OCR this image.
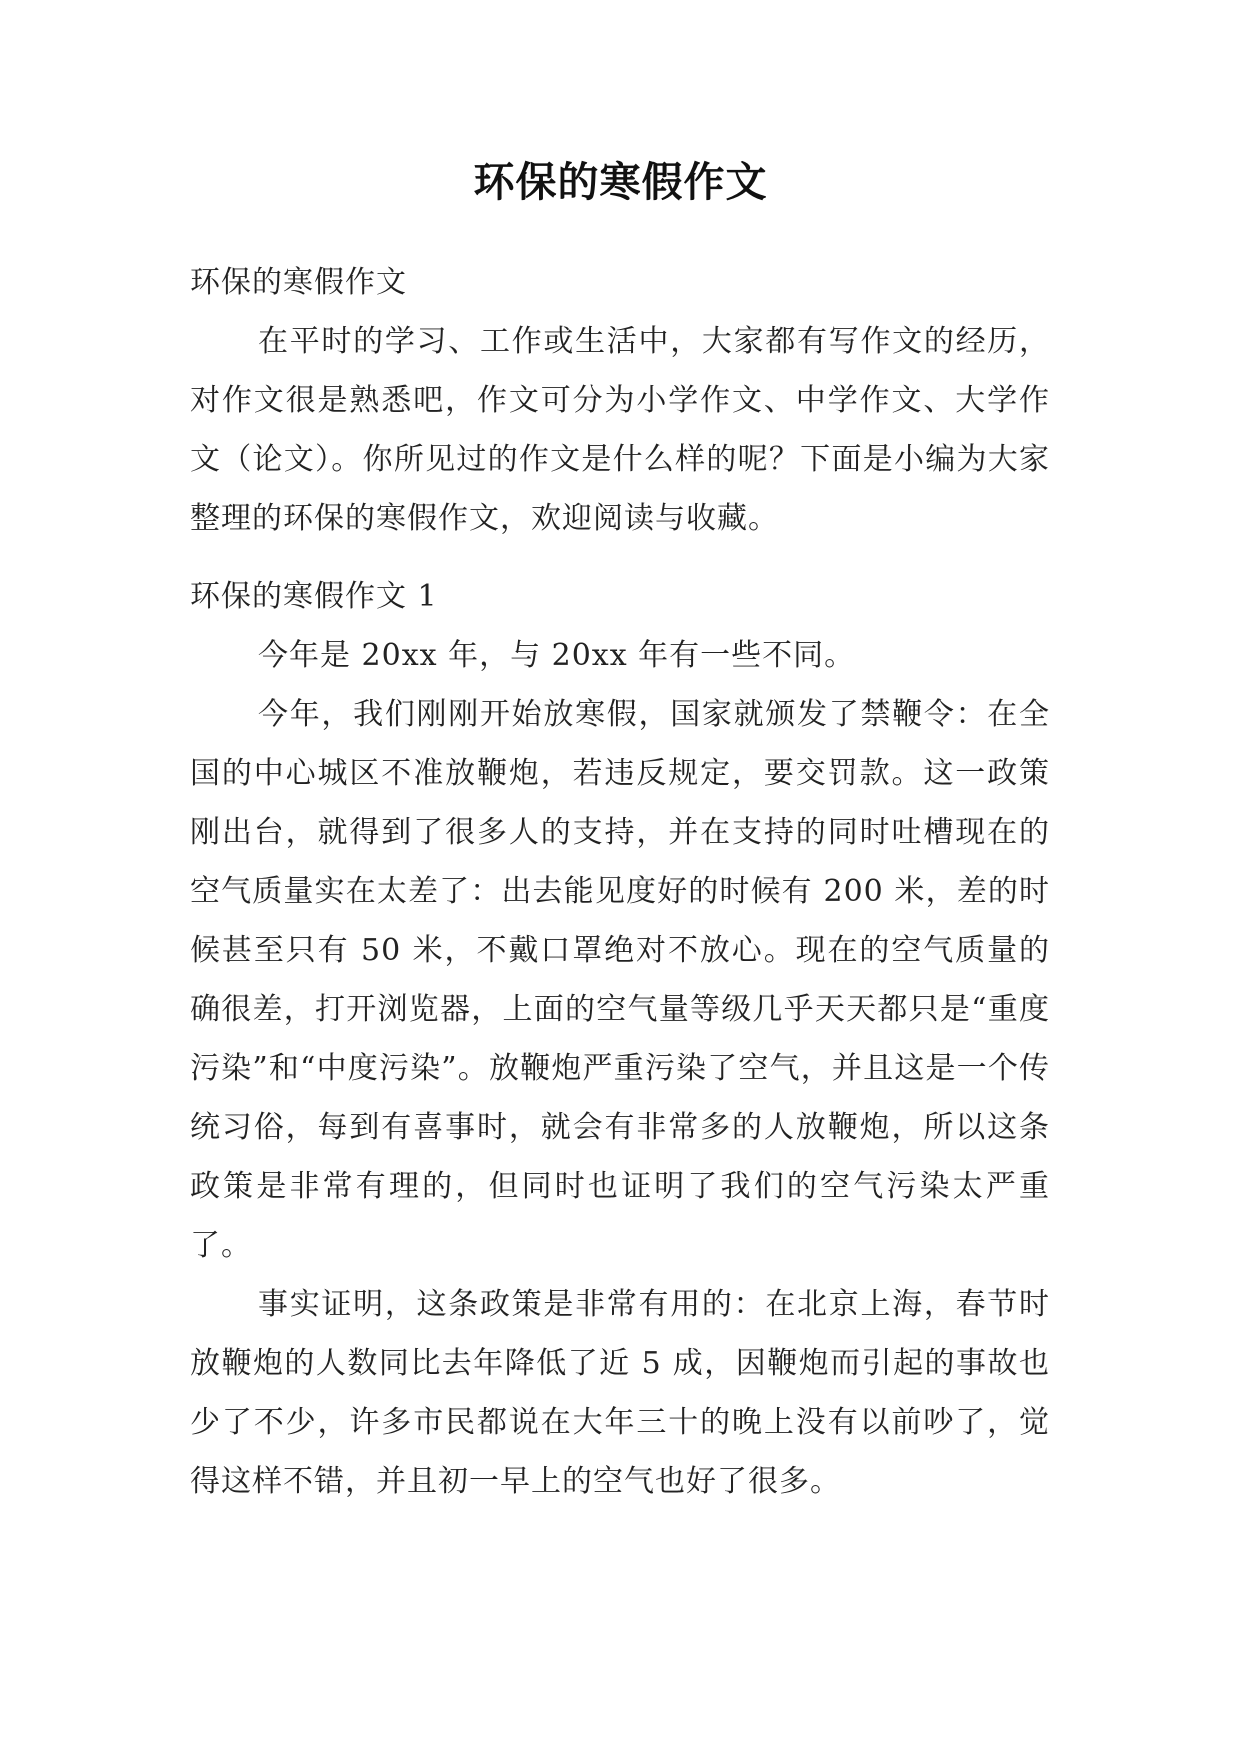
环保的寒假作文
环保的寒假作文

在平时的学习、工作或生活中，大家都有写作文的经历，对作文很是熟悉吧，作文可分为小学作文、中学作文、大学作文（论文）。你所见过的作文是什么样的呢？下面是小编为大家整理的环保的寒假作文，欢迎阅读与收藏。

环保的寒假作文 1

今年是 20xx 年，与 20xx 年有一些不同。

今年，我们刚刚开始放寒假，国家就颁发了禁鞭令：在全国的中心城区不准放鞭炮，若违反规定，要交罚款。这一政策刚出台，就得到了很多人的支持，并在支持的同时吐槽现在的空气质量实在太差了：出去能见度好的时候有 200 米，差的时候甚至只有 50 米，不戴口罩绝对不放心。现在的空气质量的确很差，打开浏览器，上面的空气量等级几乎天天都只是“重度污染”和“中度污染”。放鞭炮严重污染了空气，并且这是一个传统习俗，每到有喜事时，就会有非常多的人放鞭炮，所以这条政策是非常有理的，但同时也证明了我们的空气污染太严重了。

事实证明，这条政策是非常有用的：在北京上海，春节时放鞭炮的人数同比去年降低了近 5 成，因鞭炮而引起的事故也少了不少，许多市民都说在大年三十的晚上没有以前吵了，觉得这样不错，并且初一早上的空气也好了很多。
